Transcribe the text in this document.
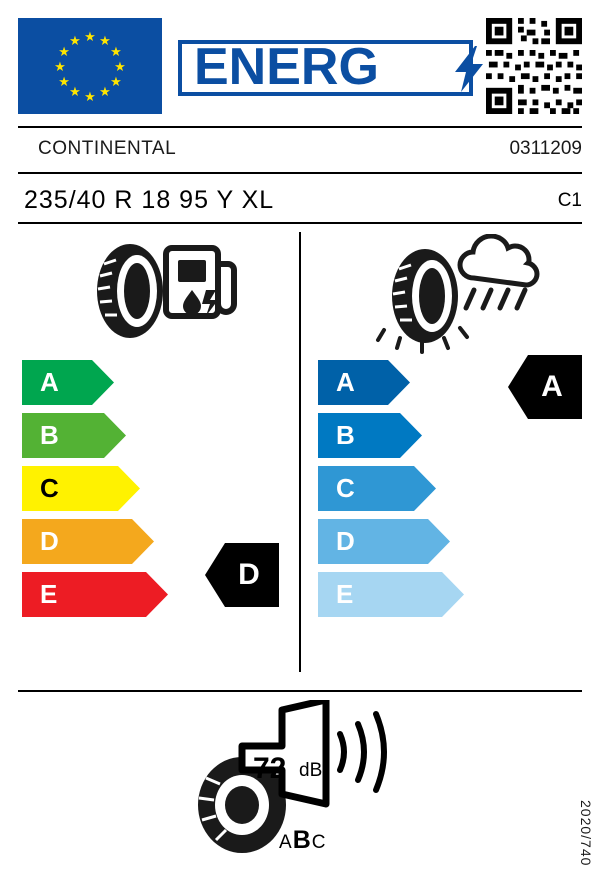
★ ★
★
★
★
★
★
★
★
★
★
★ ENERG
CONTINENTAL	0311209
235/40 R 18 95 Y XL	C1
A
B
C
D
E
A
B
C
D
E
D
A
72 dB
ABC	2020/740
